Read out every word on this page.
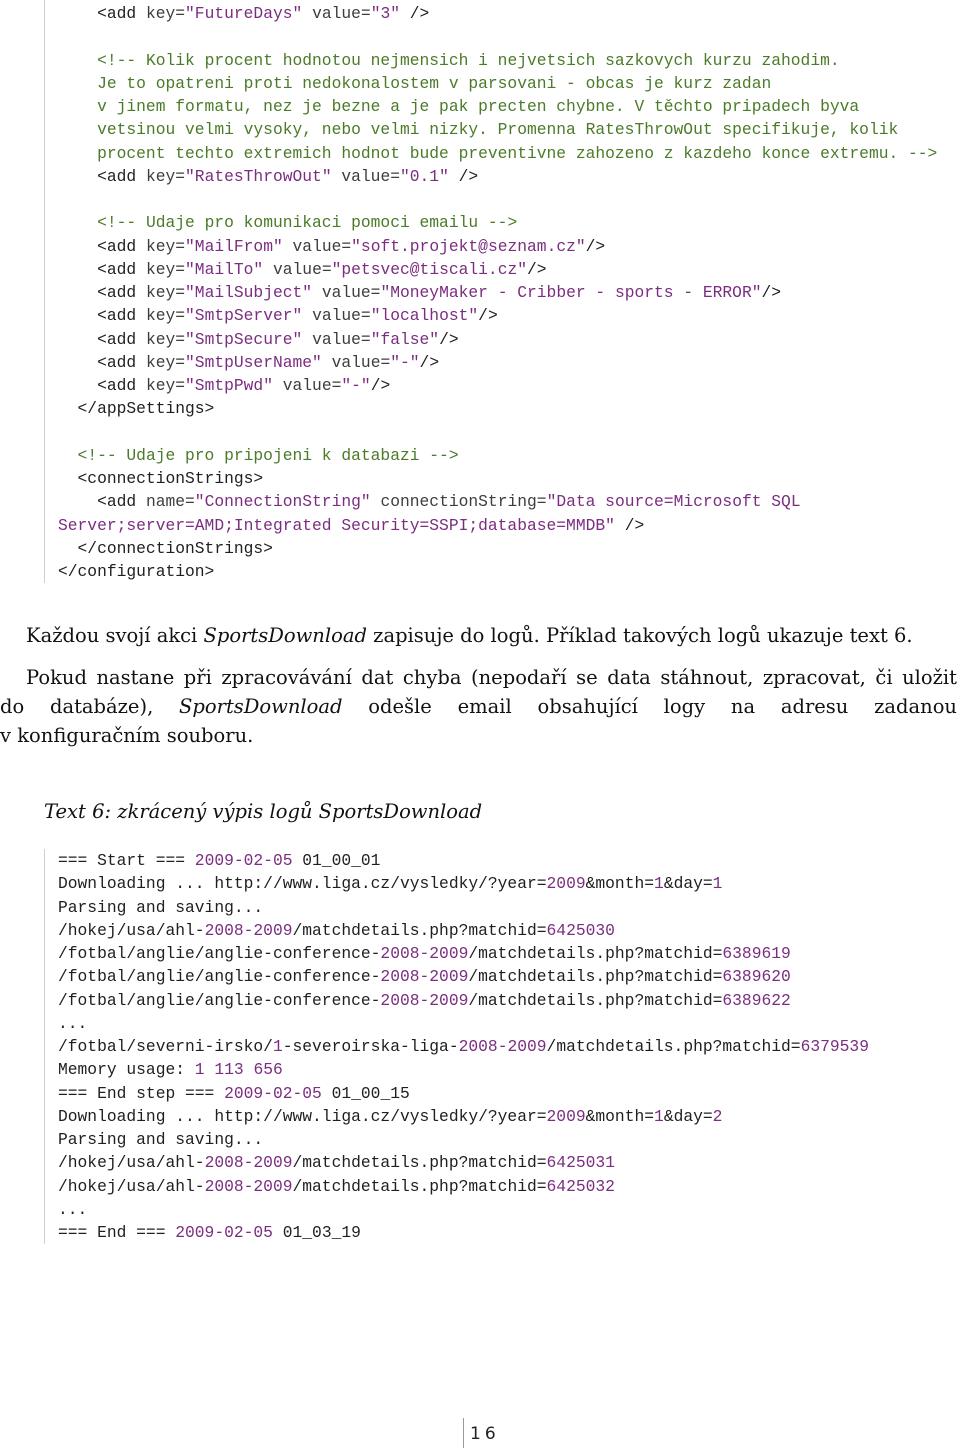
<add key="FutureDays" value="3" />
<!-- Kolik procent hodnotou nejmensich i nejvetsich sazkovych kurzu zahodim.
Je to opatreni proti nedokonalostem v parsovani - obcas je kurz zadan
v jinem formatu, nez je bezne a je pak precten chybne. V těchto pripadech byva
vetsinou velmi vysoky, nebo velmi nizky. Promenna RatesThrowOut specifikuje, kolik
procent techto extremich hodnot bude preventivne zahozeno z kazdeho konce extremu. -->
<add key="RatesThrowOut" value="0.1" />
<!-- Udaje pro komunikaci pomoci emailu -->
<add key="MailFrom" value="soft.projekt@seznam.cz"/>
<add key="MailTo" value="petsvec@tiscali.cz"/>
<add key="MailSubject" value="MoneyMaker - Cribber - sports - ERROR"/>
<add key="SmtpServer" value="localhost"/>
<add key="SmtpSecure" value="false"/>
<add key="SmtpUserName" value="-"/>
<add key="SmtpPwd" value="-"/>
</appSettings>
<!-- Udaje pro pripojeni k databazi -->
<connectionStrings>
<add name="ConnectionString" connectionString="Data source=Microsoft SQL
Server;server=AMD;Integrated Security=SSPI;database=MMDB" />
</connectionStrings>
</configuration>
Každou svojí akci SportsDownload zapisuje do logů. Příklad takových logů ukazuje text 6.
Pokud nastane při zpracovávání dat chyba (nepodaří se data stáhnout, zpracovat, či uložit
do databáze), SportsDownload odešle email obsahující logy na adresu zadanou
v konfiguračním souboru.
Text 6: zkrácený výpis logů SportsDownload
=== Start === 2009-02-05 01_00_01
Downloading ... http://www.liga.cz/vysledky/?year=2009&month=1&day=1
Parsing and saving...
/hokej/usa/ahl-2008-2009/matchdetails.php?matchid=6425030
/fotbal/anglie/anglie-conference-2008-2009/matchdetails.php?matchid=6389619
/fotbal/anglie/anglie-conference-2008-2009/matchdetails.php?matchid=6389620
/fotbal/anglie/anglie-conference-2008-2009/matchdetails.php?matchid=6389622
...
/fotbal/severni-irsko/1-severoirska-liga-2008-2009/matchdetails.php?matchid=6379539
Memory usage: 1 113 656
=== End step === 2009-02-05 01_00_15
Downloading ... http://www.liga.cz/vysledky/?year=2009&month=1&day=2
Parsing and saving...
/hokej/usa/ahl-2008-2009/matchdetails.php?matchid=6425031
/hokej/usa/ahl-2008-2009/matchdetails.php?matchid=6425032
...
=== End === 2009-02-05 01_03_19
16
